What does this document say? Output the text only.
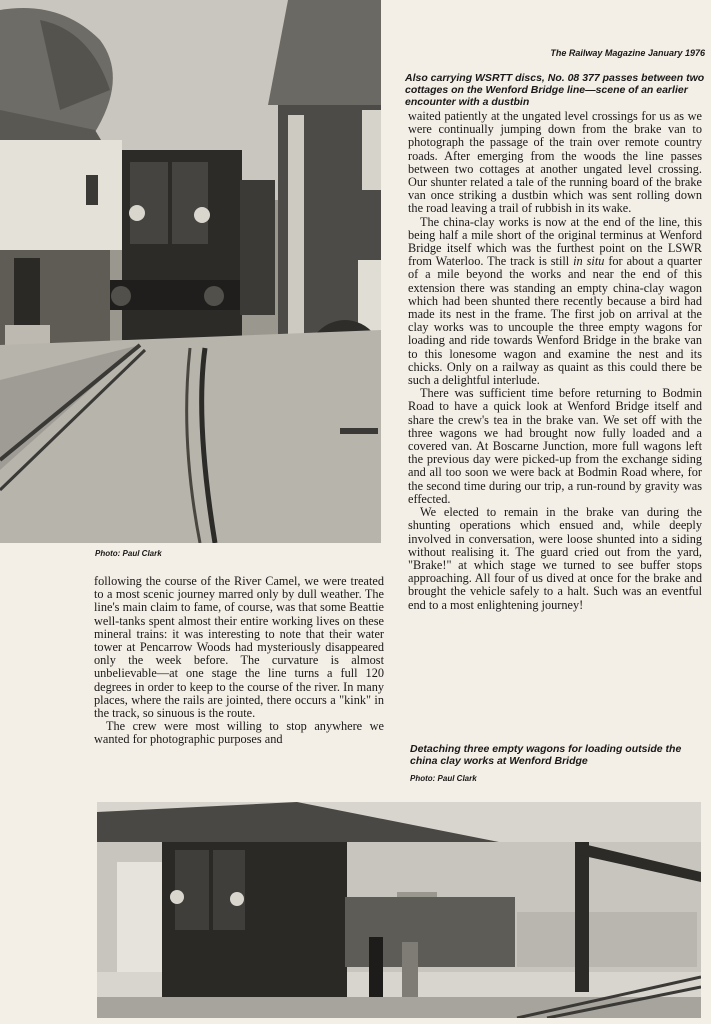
The Railway Magazine January 1976
Also carrying WSRTT discs, No. 08 377 passes between two cottages on the Wenford Bridge line—scene of an earlier encounter with a dustbin

waited patiently at the ungated level crossings for us as we were continually jumping down from the brake van to photograph the passage of the train over remote country roads. After emerging from the woods the line passes between two cottages at another ungated level crossing. Our shunter related a tale of the running board of the brake van once striking a dustbin which was sent rolling down the road leaving a trail of rubbish in its wake.

The china-clay works is now at the end of the line, this being half a mile short of the original terminus at Wenford Bridge itself which was the furthest point on the LSWR from Waterloo. The track is still in situ for about a quarter of a mile beyond the works and near the end of this extension there was standing an empty china-clay wagon which had been shunted there recently because a bird had made its nest in the frame. The first job on arrival at the clay works was to uncouple the three empty wagons for loading and ride towards Wenford Bridge in the brake van to this lonesome wagon and examine the nest and its chicks. Only on a railway as quaint as this could there be such a delightful interlude.

There was sufficient time before returning to Bodmin Road to have a quick look at Wenford Bridge itself and share the crew's tea in the brake van. We set off with the three wagons we had brought now fully loaded and a covered van. At Boscarne Junction, more full wagons left the previous day were picked-up from the exchange siding and all too soon we were back at Bodmin Road where, for the second time during our trip, a run-round by gravity was effected.

We elected to remain in the brake van during the shunting operations which ensued and, while deeply involved in conversation, were loose shunted into a siding without realising it. The guard cried out from the yard, "Brake!" at which stage we turned to see buffer stops approaching. All four of us dived at once for the brake and brought the vehicle safely to a halt. Such was an eventful end to a most enlightening journey!

Photo: Paul Clark

following the course of the River Camel, we were treated to a most scenic journey marred only by dull weather. The line's main claim to fame, of course, was that some Beattie well-tanks spent almost their entire working lives on these mineral trains: it was interesting to note that their water tower at Pencarrow Woods had mysteriously disappeared only the week before. The curvature is almost unbelievable—at one stage the line turns a full 120 degrees in order to keep to the course of the river. In many places, where the rails are jointed, there occurs a "kink" in the track, so sinuous is the route.

The crew were most willing to stop anywhere we wanted for photographic purposes and

Detaching three empty wagons for loading outside the china clay works at Wenford Bridge
Photo: Paul Clark
